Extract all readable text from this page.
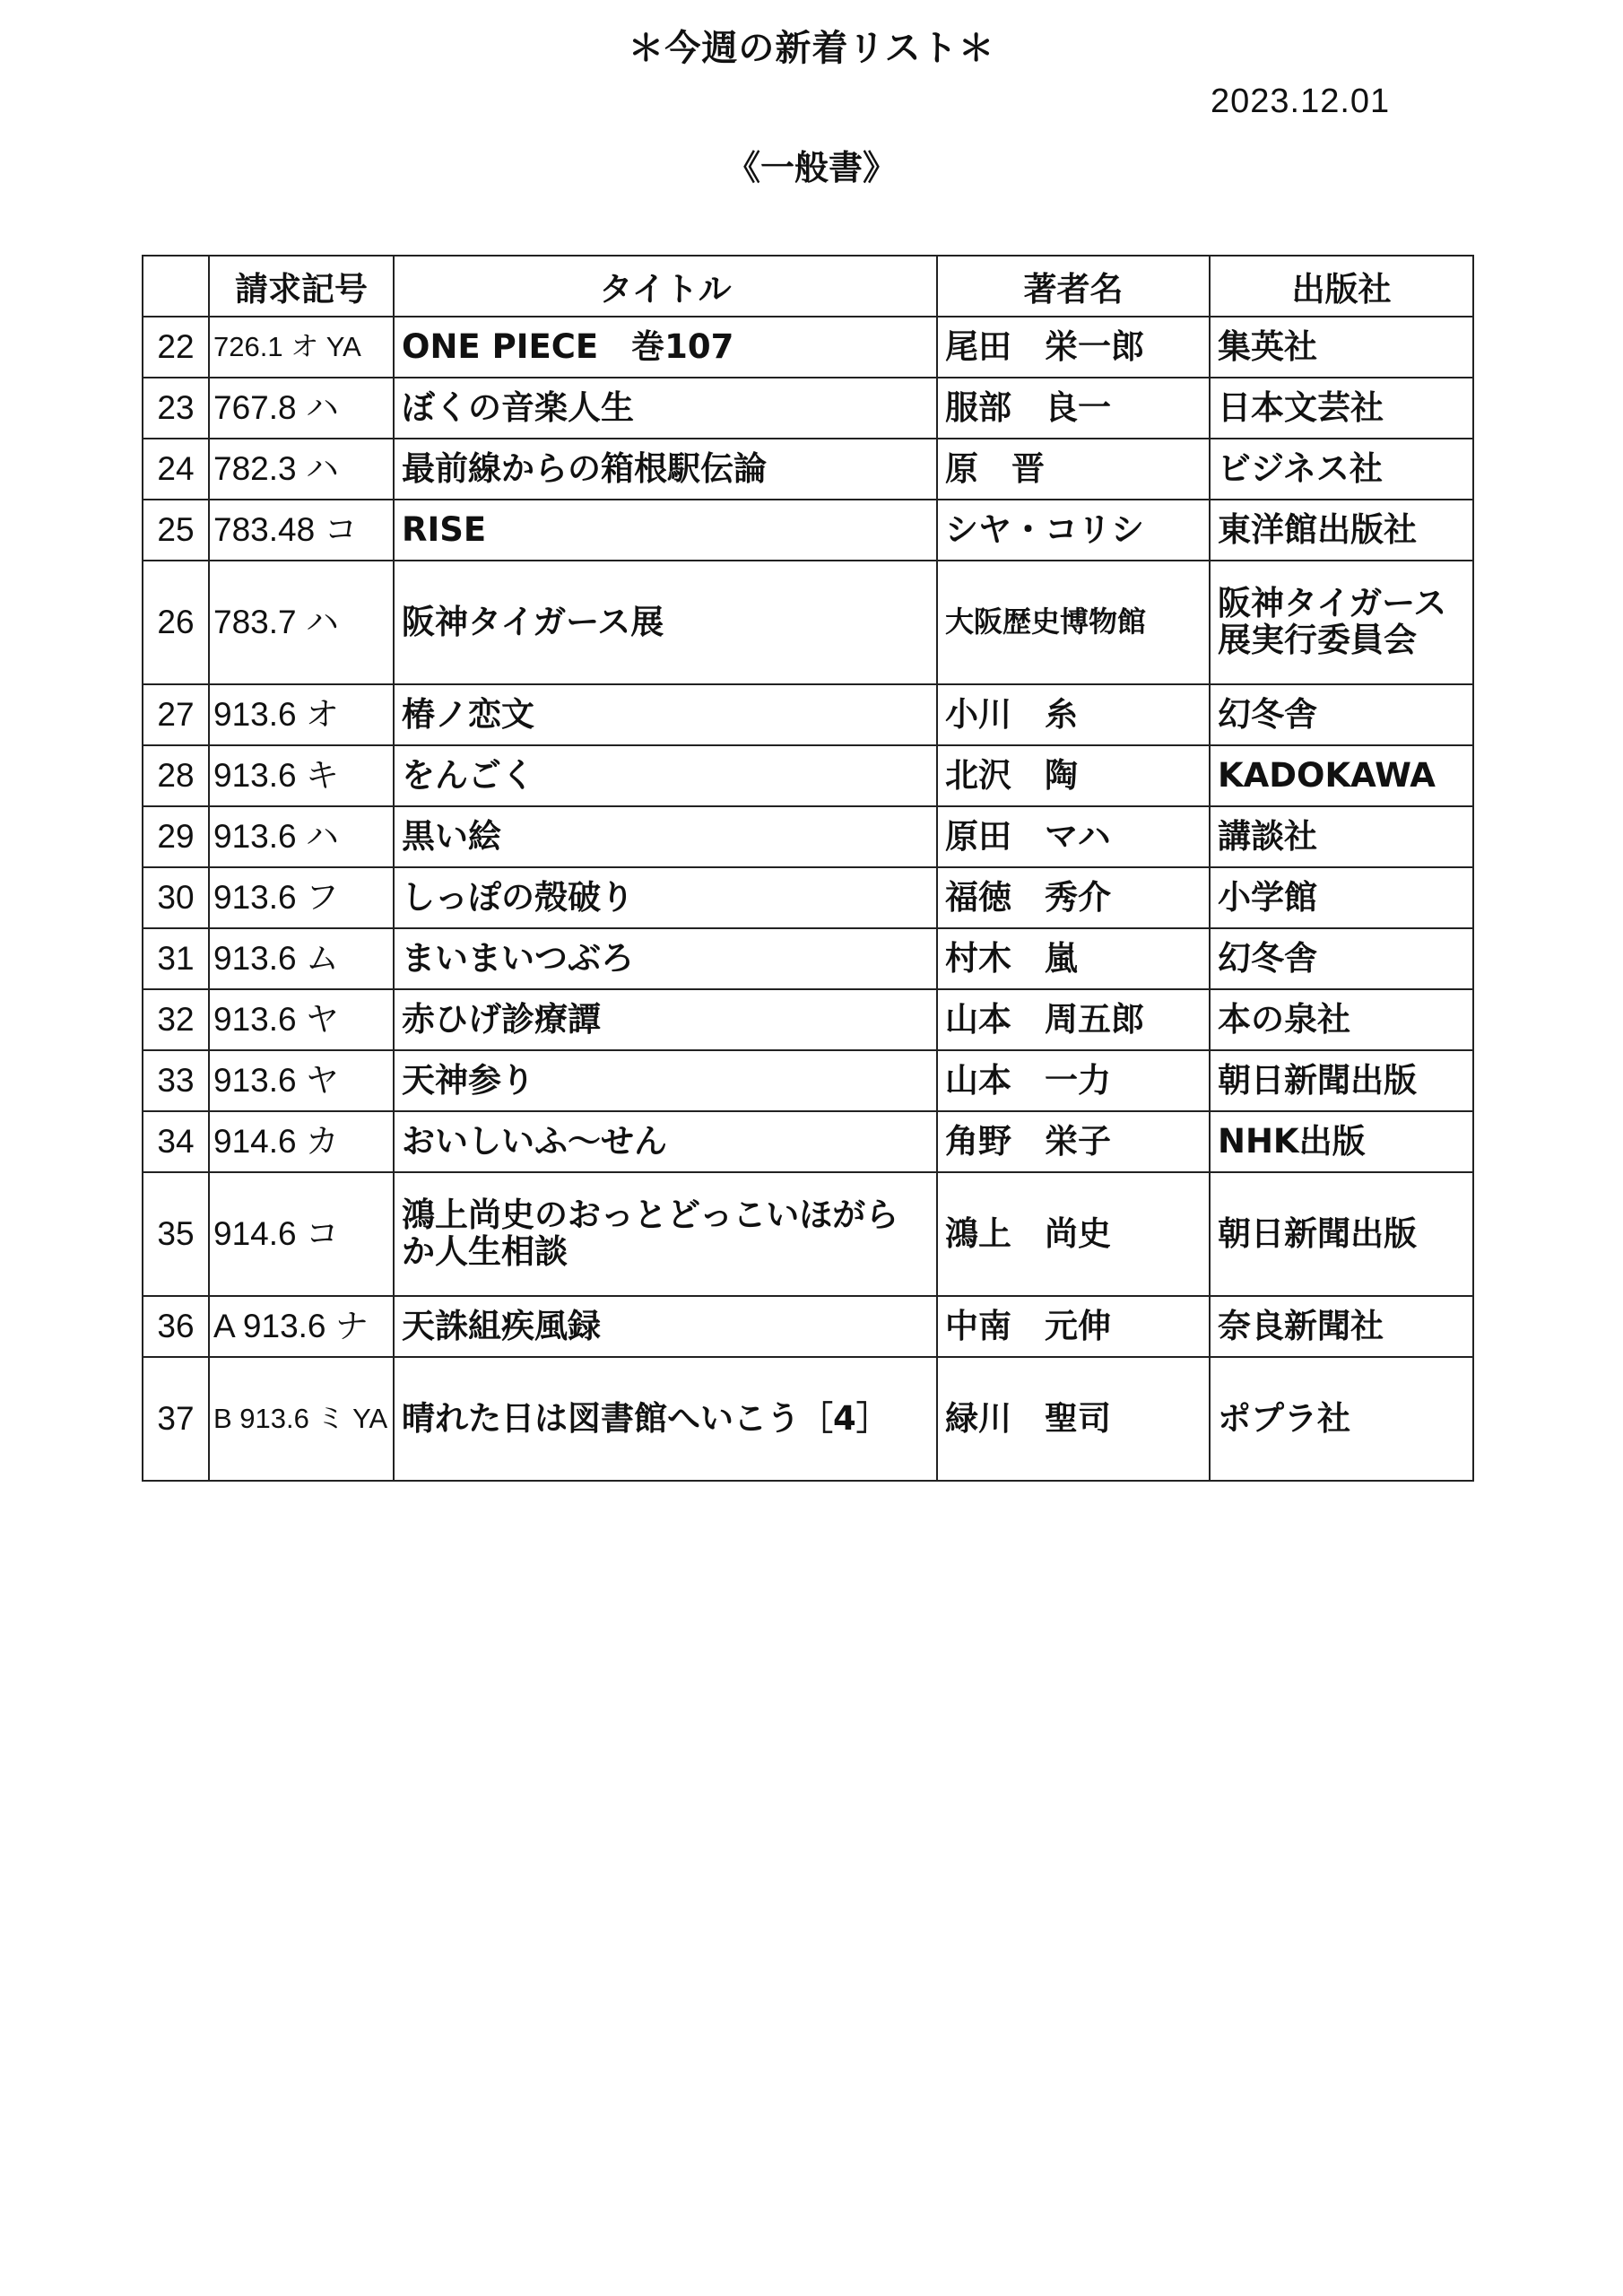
＊今週の新着リスト＊
2023.12.01
《一般書》
	請求記号	タイトル	著者名	出版社
22	726.1 オ YA	ONE PIECE　巻107	尾田　栄一郎	集英社
23	767.8 ハ	ぼくの音楽人生	服部　良一	日本文芸社
24	782.3 ハ	最前線からの箱根駅伝論	原　晋	ビジネス社
25	783.48 コ	RISE	シヤ・コリシ	東洋館出版社
26	783.7 ハ	阪神タイガース展	大阪歴史博物館	阪神タイガース展実行委員会
27	913.6 オ	椿ノ恋文	小川　糸	幻冬舎
28	913.6 キ	をんごく	北沢　陶	KADOKAWA
29	913.6 ハ	黒い絵	原田　マハ	講談社
30	913.6 フ	しっぽの殻破り	福徳　秀介	小学館
31	913.6 ム	まいまいつぶろ	村木　嵐	幻冬舎
32	913.6 ヤ	赤ひげ診療譚	山本　周五郎	本の泉社
33	913.6 ヤ	天神参り	山本　一力	朝日新聞出版
34	914.6 カ	おいしいふ～せん	角野　栄子	NHK出版
35	914.6 コ	鴻上尚史のおっとどっこいほがらか人生相談	鴻上　尚史	朝日新聞出版
36	A 913.6 ナ	天誅組疾風録	中南　元伸	奈良新聞社
37	B 913.6 ミ YA	晴れた日は図書館へいこう［4］	緑川　聖司	ポプラ社
